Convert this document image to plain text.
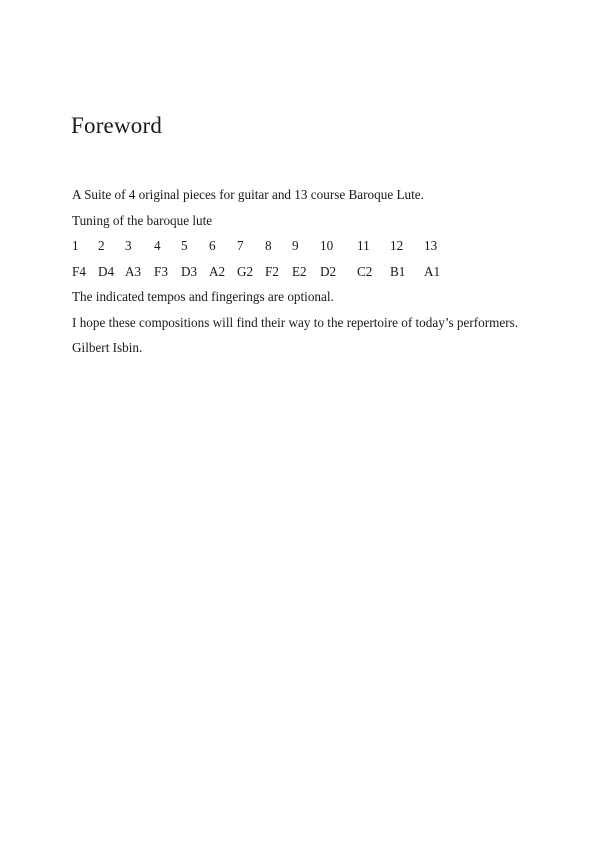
Foreword

A Suite of 4 original pieces for guitar and 13 course Baroque Lute.

Tuning of the baroque lute

1 2 3 4 5 6 7 8 9 10 11 12 13
F4 D4 A3 F3 D3 A2 G2 F2 E2 D2 C2 B1 A1

The indicated tempos and fingerings are optional.

I hope these compositions will find their way to the repertoire of today’s performers.

Gilbert Isbin.
